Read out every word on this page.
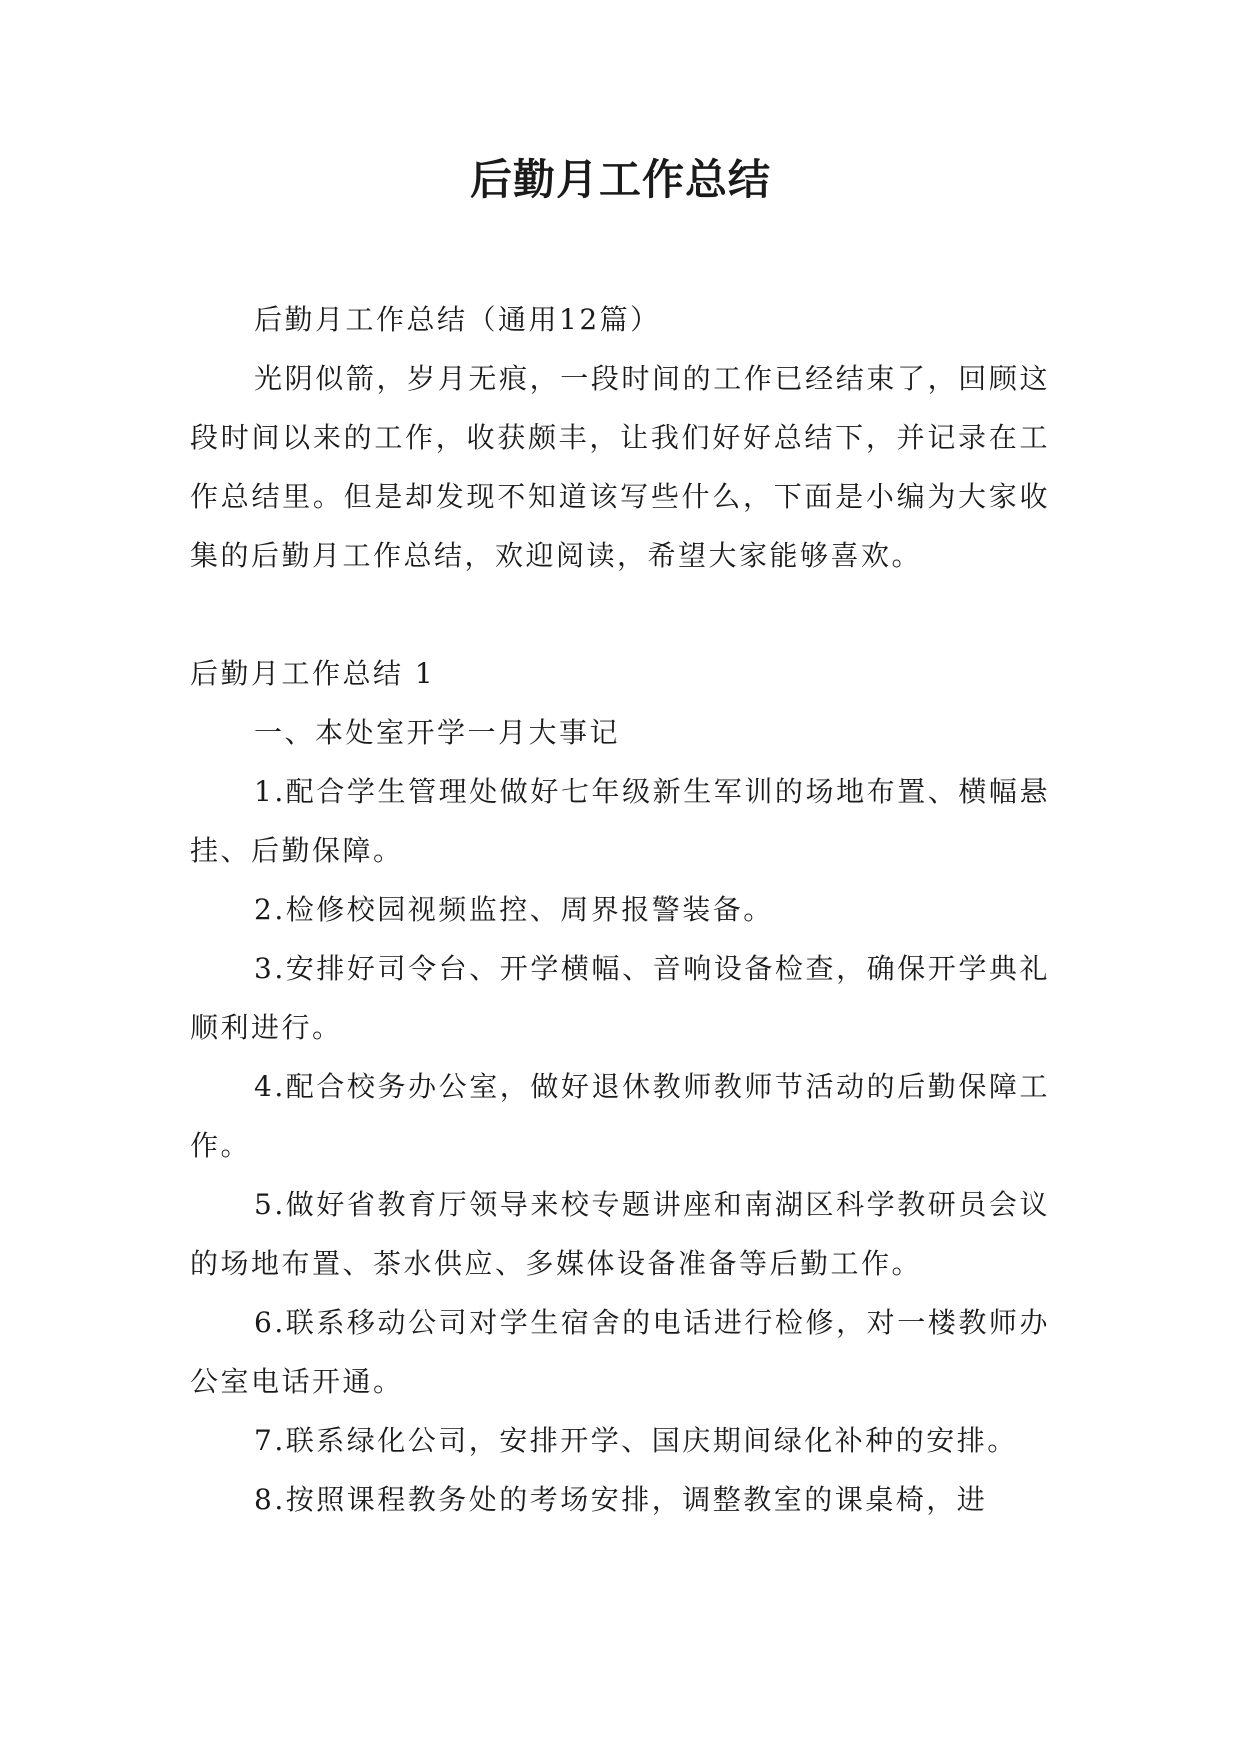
后勤月工作总结

后勤月工作总结（通用12篇）

光阴似箭，岁月无痕，一段时间的工作已经结束了，回顾这段时间以来的工作，收获颇丰，让我们好好总结下，并记录在工作总结里。但是却发现不知道该写些什么，下面是小编为大家收集的后勤月工作总结，欢迎阅读，希望大家能够喜欢。

后勤月工作总结 1

一、本处室开学一月大事记

1.配合学生管理处做好七年级新生军训的场地布置、横幅悬挂、后勤保障。

2.检修校园视频监控、周界报警装备。

3.安排好司令台、开学横幅、音响设备检查，确保开学典礼顺利进行。

4.配合校务办公室，做好退休教师教师节活动的后勤保障工作。

5.做好省教育厅领导来校专题讲座和南湖区科学教研员会议的场地布置、茶水供应、多媒体设备准备等后勤工作。

6.联系移动公司对学生宿舍的电话进行检修，对一楼教师办公室电话开通。

7.联系绿化公司，安排开学、国庆期间绿化补种的安排。

8.按照课程教务处的考场安排，调整教室的课桌椅，进
